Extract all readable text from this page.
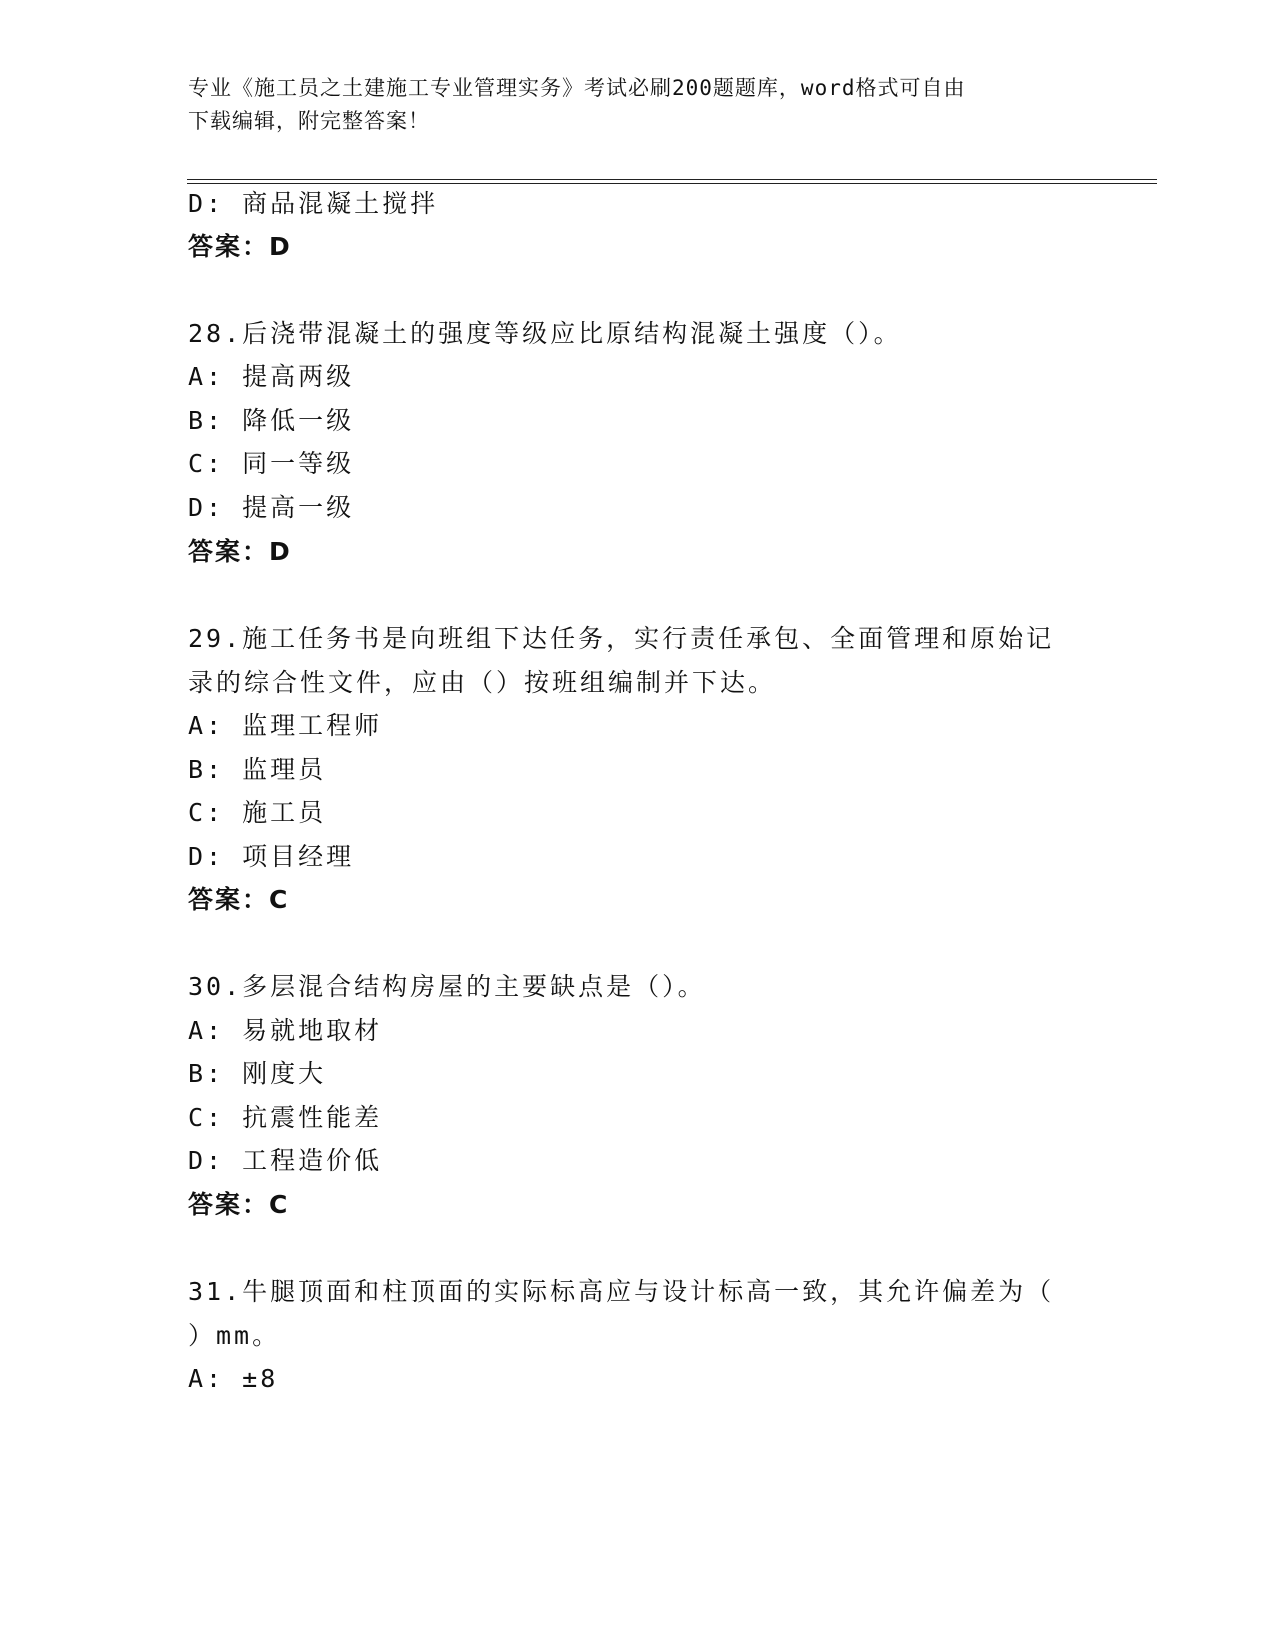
专业《施工员之土建施工专业管理实务》考试必刷200题题库，word格式可自由
下载编辑，附完整答案！
D: 商品混凝土搅拌
答案：D
28.后浇带混凝土的强度等级应比原结构混凝土强度（）。
A: 提高两级
B: 降低一级
C: 同一等级
D: 提高一级
答案：D
29.施工任务书是向班组下达任务，实行责任承包、全面管理和原始记
录的综合性文件，应由（）按班组编制并下达。
A: 监理工程师
B: 监理员
C: 施工员
D: 项目经理
答案：C
30.多层混合结构房屋的主要缺点是（）。
A: 易就地取材
B: 刚度大
C: 抗震性能差
D: 工程造价低
答案：C
31.牛腿顶面和柱顶面的实际标高应与设计标高一致，其允许偏差为（
）mm。
A: ±8
